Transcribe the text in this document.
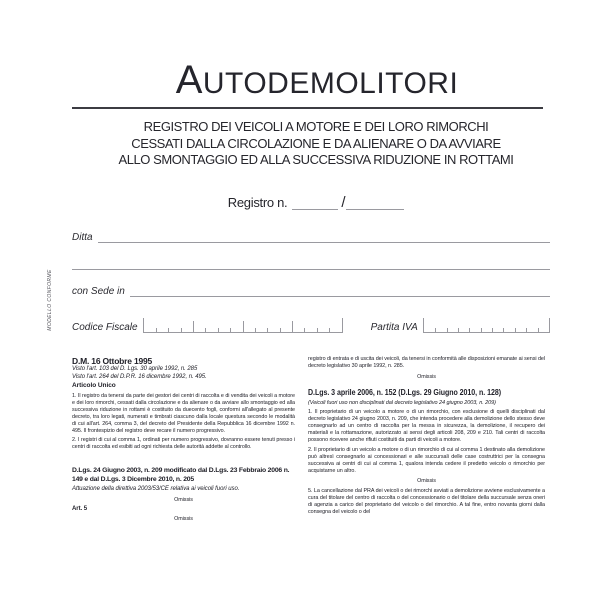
AUTODEMOLITORI
REGISTRO DEI VEICOLI A MOTORE E DEI LORO RIMORCHI
CESSATI DALLA CIRCOLAZIONE E DA ALIENARE O DA AVVIARE
ALLO SMONTAGGIO ED ALLA SUCCESSIVA RIDUZIONE IN ROTTAMI
Registro n.	/
MODELLO CONFORME
Ditta
con Sede in
Codice Fiscale	Partita IVA
D.M. 16 Ottobre 1995
Visto l'art. 103 del D. Lgs. 30 aprile 1992, n. 285
Visto l'art. 264 del D.P.R. 16 dicembre 1992, n. 495.
Articolo Unico

1. Il registro da tenersi da parte dei gestori dei centri di raccolta e di vendita dei veicoli a motore e dei loro rimorchi, cessati dalla circolazione e da alienare o da avviare allo smontaggio ed alla successiva riduzione in rottami è costituito da duecento fogli, conformi all'allegato al presente decreto, tra loro legati, numerati e timbrati ciascuno dalla locale questura secondo le modalità di cui all'art. 264, comma 3, del decreto del Presidente della Repubblica 16 dicembre 1992 n. 495. Il frontespizio del registro deve recare il numero progressivo.

2. I registri di cui al comma 1, ordinati per numero progressivo, dovranno essere tenuti presso i centri di raccolta ed esibiti ad ogni richiesta delle autorità addette al controllo.

D.Lgs. 24 Giugno 2003, n. 209 modificato dal D.Lgs. 23 Febbraio 2006 n. 149 e dal D.Lgs. 3 Dicembre 2010, n. 205
Attuazione della direttiva 2003/53/CE relativa ai veicoli fuori uso.
Omissis
Art. 5
Omissis

registro di entrata e di uscita dei veicoli, da tenersi in conformità alle disposizioni emanate ai sensi del decreto legislativo 30 aprile 1992, n. 285.

Omissis
D.Lgs. 3 aprile 2006, n. 152 (D.Lgs. 29 Giugno 2010, n. 128)
(Veicoli fuori uso non disciplinati dal decreto legislativo 24 giugno 2003, n. 209)

1. Il proprietario di un veicolo a motore o di un rimorchio, con esclusione di quelli disciplinati dal decreto legislativo 24 giugno 2003, n. 209, che intenda procedere alla demolizione dello stesso deve consegnarlo ad un centro di raccolta per la messa in sicurezza, la demolizione, il recupero dei materiali e la rottamazione, autorizzato ai sensi degli articoli 208, 209 e 210. Tali centri di raccolta possono ricevere anche rifiuti costituiti da parti di veicoli a motore.

2. Il proprietario di un veicolo a motore o di un rimorchio di cui al comma 1 destinato alla demolizione può altresì consegnarlo ai concessionari e alle succursali delle case costruttrici per la consegna successiva ai centri di cui al comma 1, qualora intenda cedere il predetto veicolo o rimorchio per acquistarne un altro.

Omissis

5. La cancellazione dal PRA dei veicoli o dei rimorchi avviati a demolizione avviene esclusivamente a cura del titolare del centro di raccolta o del concessionario o del titolare della succursale senza oneri di agenzia a carico del proprietario del veicolo o del rimorchio. A tal fine, entro novanta giorni dalla consegna del veicolo o del
